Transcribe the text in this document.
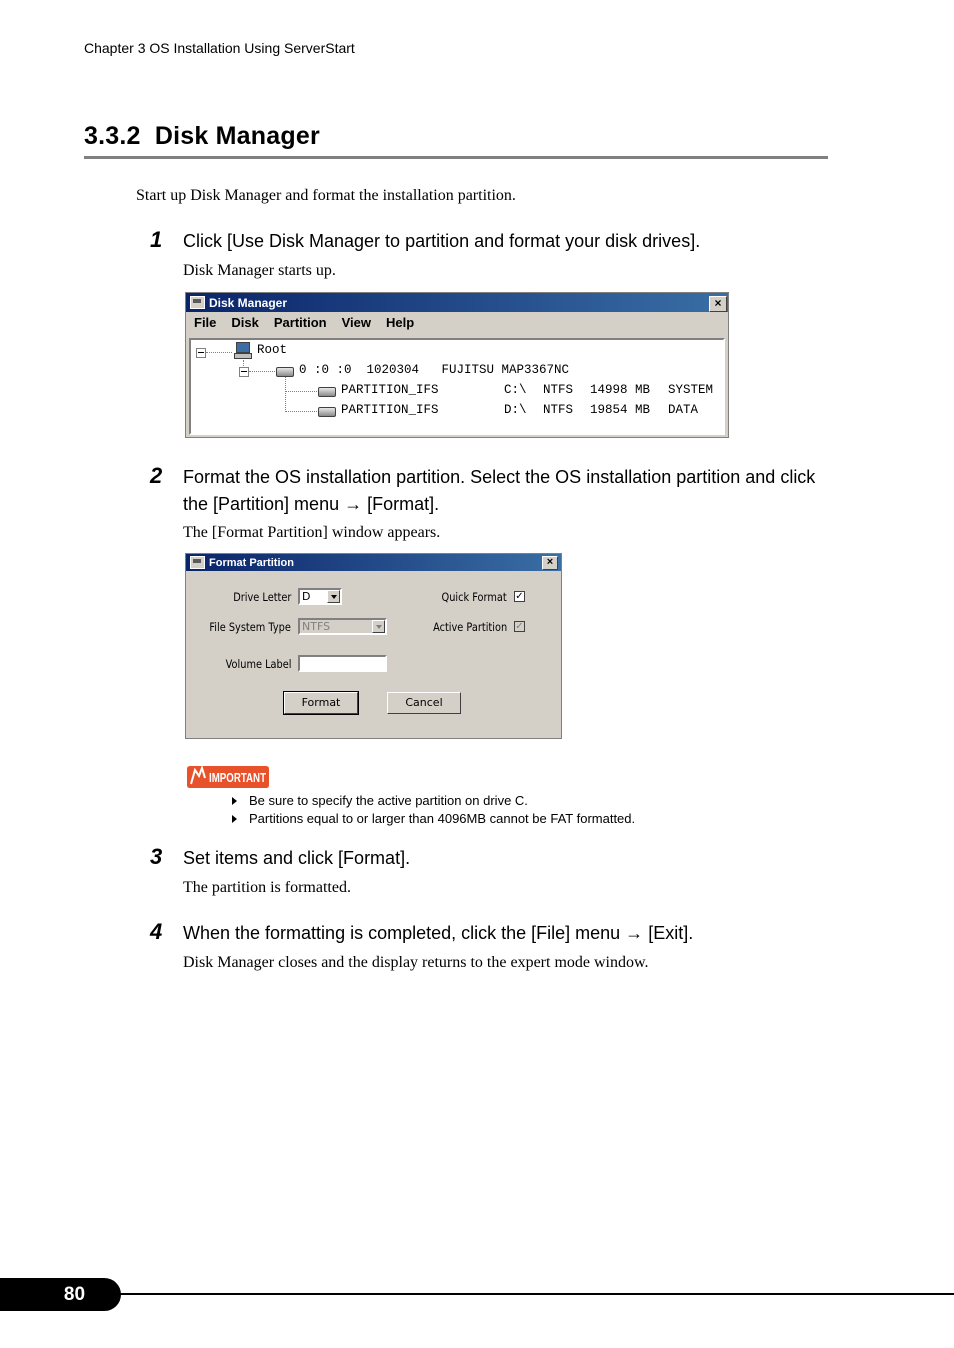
Chapter 3 OS Installation Using ServerStart
3.3.2 Disk Manager
Start up Disk Manager and format the installation partition.
1 Click [Use Disk Manager to partition and format your disk drives].
Disk Manager starts up.
Disk Manager	×
File Disk Partition View Help
Root
0 :0 :0  1020304   FUJITSU MAP3367NC
PARTITION_IFS	C:\ NTFS 14998 MB SYSTEM
PARTITION_IFS	D:\ NTFS 19854 MB DATA
2 Format the OS installation partition. Select the OS installation partition and click
the [Partition] menu → [Format].
The [Format Partition] window appears.
Format Partition	×
Drive Letter	D
File System Type	NTFS
Volume Label
Quick Format ✓
Active Partition ✓
Format	Cancel
IMPORTANT
Be sure to specify the active partition on drive C.
Partitions equal to or larger than 4096MB cannot be FAT formatted.
3 Set items and click [Format].
The partition is formatted.
4 When the formatting is completed, click the [File] menu → [Exit].
Disk Manager closes and the display returns to the expert mode window.
80
